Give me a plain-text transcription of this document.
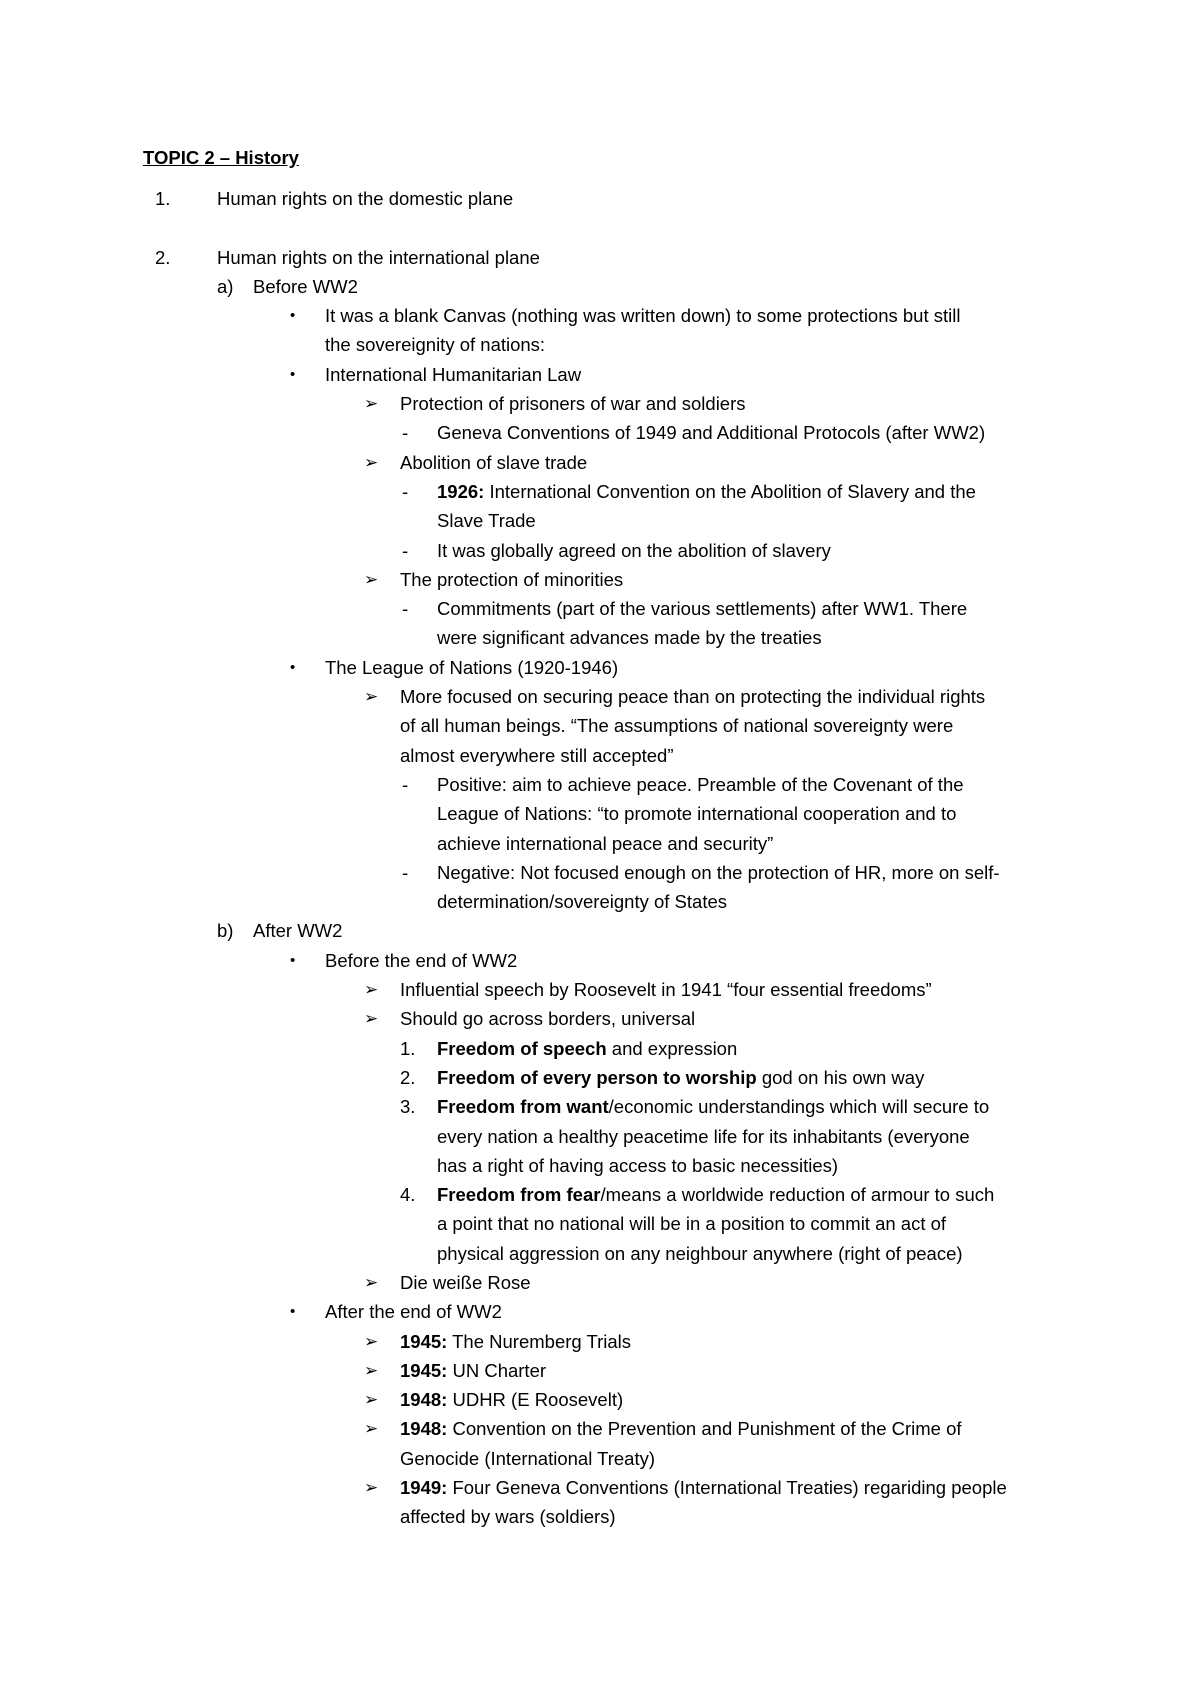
TOPIC 2 – History
1.	Human rights on the domestic plane
2.	Human rights on the international plane
a) Before WW2
• It was a blank Canvas (nothing was written down) to some protections but still
the sovereignity of nations:
• International Humanitarian Law
➢ Protection of prisoners of war and soldiers
- Geneva Conventions of 1949 and Additional Protocols (after WW2)
➢ Abolition of slave trade
- 1926: International Convention on the Abolition of Slavery and the
Slave Trade
- It was globally agreed on the abolition of slavery
➢ The protection of minorities
- Commitments (part of the various settlements) after WW1. There
were significant advances made by the treaties
• The League of Nations (1920-1946)
➢ More focused on securing peace than on protecting the individual rights
of all human beings. “The assumptions of national sovereignty were
almost everywhere still accepted”
- Positive: aim to achieve peace. Preamble of the Covenant of the
League of Nations: “to promote international cooperation and to
achieve international peace and security”
- Negative: Not focused enough on the protection of HR, more on self-
determination/sovereignty of States
b) After WW2
• Before the end of WW2
➢ Influential speech by Roosevelt in 1941 “four essential freedoms”
➢ Should go across borders, universal
1. Freedom of speech and expression
2. Freedom of every person to worship god on his own way
3. Freedom from want/economic understandings which will secure to
every nation a healthy peacetime life for its inhabitants (everyone
has a right of having access to basic necessities)
4. Freedom from fear/means a worldwide reduction of armour to such
a point that no national will be in a position to commit an act of
physical aggression on any neighbour anywhere (right of peace)
➢ Die weiße Rose
• After the end of WW2
➢ 1945: The Nuremberg Trials
➢ 1945: UN Charter
➢ 1948: UDHR (E Roosevelt)
➢ 1948: Convention on the Prevention and Punishment of the Crime of
Genocide (International Treaty)
➢ 1949: Four Geneva Conventions (International Treaties) regariding people
affected by wars (soldiers)
